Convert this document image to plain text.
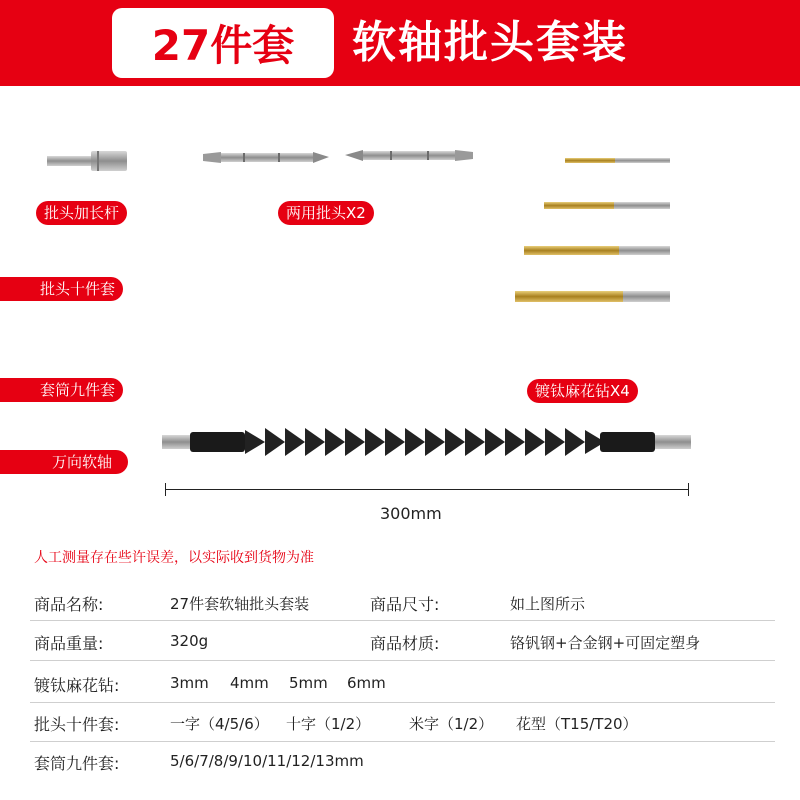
27件套	软轴批头套装
批头加长杆	两用批头X2
批头十件套
套筒九件套
万向软轴
镀钛麻花钻X4
300mm
人工测量存在些许误差，以实际收到货物为准
商品名称:	27件套软轴批头套装	商品尺寸:	如上图所示
商品重量:	320g	商品材质:	铬钒钢+合金钢+可固定塑身
镀钛麻花钻:	3mm 4mm 5mm 6mm
批头十件套:	一字（4/5/6） 十字（1/2）	米字（1/2） 花型（T15/T20）
套筒九件套:	5/6/7/8/9/10/11/12/13mm
